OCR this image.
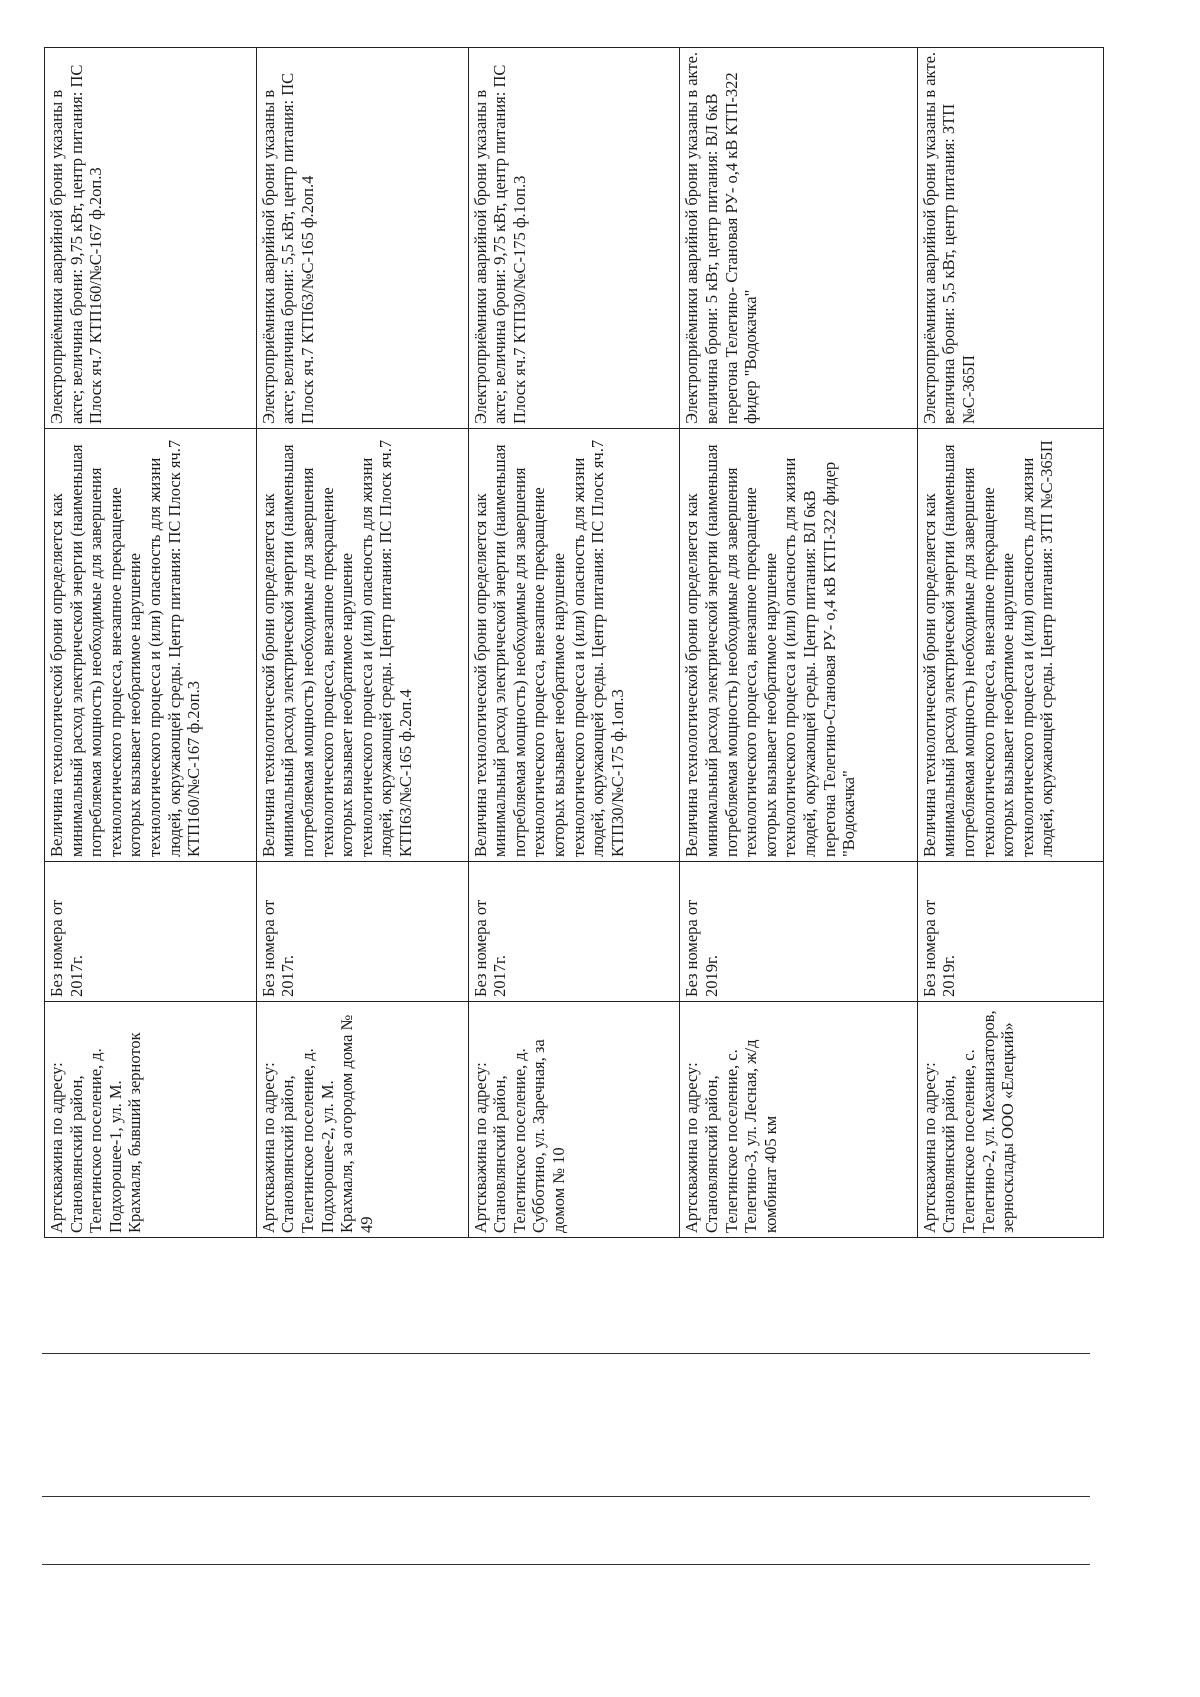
Артскважина по адресу: Становлянский район, Телегинское поселение, д. Подхорошее-1, ул. М. Крахмаля, бывший зерноток	Без номера от 2017г.	Величина технологической брони определяется как минимальный расход электрической энергии (наименьшая потребляемая мощность) необходимые для завершения технологического процесса, внезапное прекращение которых вызывает необратимое нарушение технологического процесса и (или) опасность для жизни людей, окружающей среды. Центр питания: ПС Плоск яч.7 КТП160/№С-167 ф.2оп.3	Электроприёмники аварийной брони указаны в акте; величина брони: 9,75 кВт, центр питания: ПС Плоск яч.7 КТП160/№С-167 ф.2оп.3
Артскважина по адресу: Становлянский район, Телегинское поселение, д. Подхорошее-2, ул. М. Крахмаля, за огородом дома № 49	Без номера от 2017г.	Величина технологической брони определяется как минимальный расход электрической энергии (наименьшая потребляемая мощность) необходимые для завершения технологического процесса, внезапное прекращение которых вызывает необратимое нарушение технологического процесса и (или) опасность для жизни людей, окружающей среды. Центр питания: ПС Плоск яч.7 КТП63/№С-165 ф.2оп.4	Электроприёмники аварийной брони указаны в акте; величина брони: 5,5 кВт, центр питания: ПС Плоск яч.7 КТП63/№С-165 ф.2оп.4
Артскважина по адресу: Становлянский район, Телегинское поселение, д. Субботино, ул. Заречная, за домом № 10	Без номера от 2017г.	Величина технологической брони определяется как минимальный расход электрической энергии (наименьшая потребляемая мощность) необходимые для завершения технологического процесса, внезапное прекращение которых вызывает необратимое нарушение технологического процесса и (или) опасность для жизни людей, окружающей среды. Центр питания: ПС Плоск яч.7 КТП30/№С-175 ф.1оп.3	Электроприёмники аварийной брони указаны в акте; величина брони: 9,75 кВт, центр питания: ПС Плоск яч.7 КТП30/№С-175 ф.1оп.3
Артскважина по адресу: Становлянский район, Телегинское поселение, с. Телегино-3, ул. Лесная, ж/д комбинат 405 км	Без номера от 2019г.	Величина технологической брони определяется как минимальный расход электрической энергии (наименьшая потребляемая мощность) необходимые для завершения технологического процесса, внезапное прекращение которых вызывает необратимое нарушение технологического процесса и (или) опасность для жизни людей, окружающей среды. Центр питания: ВЛ 6кВ перегона Телегино-Становая РУ- о,4 кВ КТП-322 фидер "Водокачка"	Электроприёмники аварийной брони указаны в акте. величина брони: 5 кВт, центр питания: ВЛ 6кВ перегона Телегино- Становая РУ- о,4 кВ КТП-322 фидер "Водокачка"
Артскважина по адресу: Становлянский район, Телегинское поселение, с. Телегино-2, ул. Механизаторов, зерносклады ООО «Елецкий»	Без номера от 2019г.	Величина технологической брони определяется как минимальный расход электрической энергии (наименьшая потребляемая мощность) необходимые для завершения технологического процесса, внезапное прекращение которых вызывает необратимое нарушение технологического процесса и (или) опасность для жизни людей, окружающей среды. Центр питания: ЗТП №С-365П	Электроприёмники аварийной брони указаны в акте. величина брони: 5,5 кВт, центр питания: ЗТП №С-365П
